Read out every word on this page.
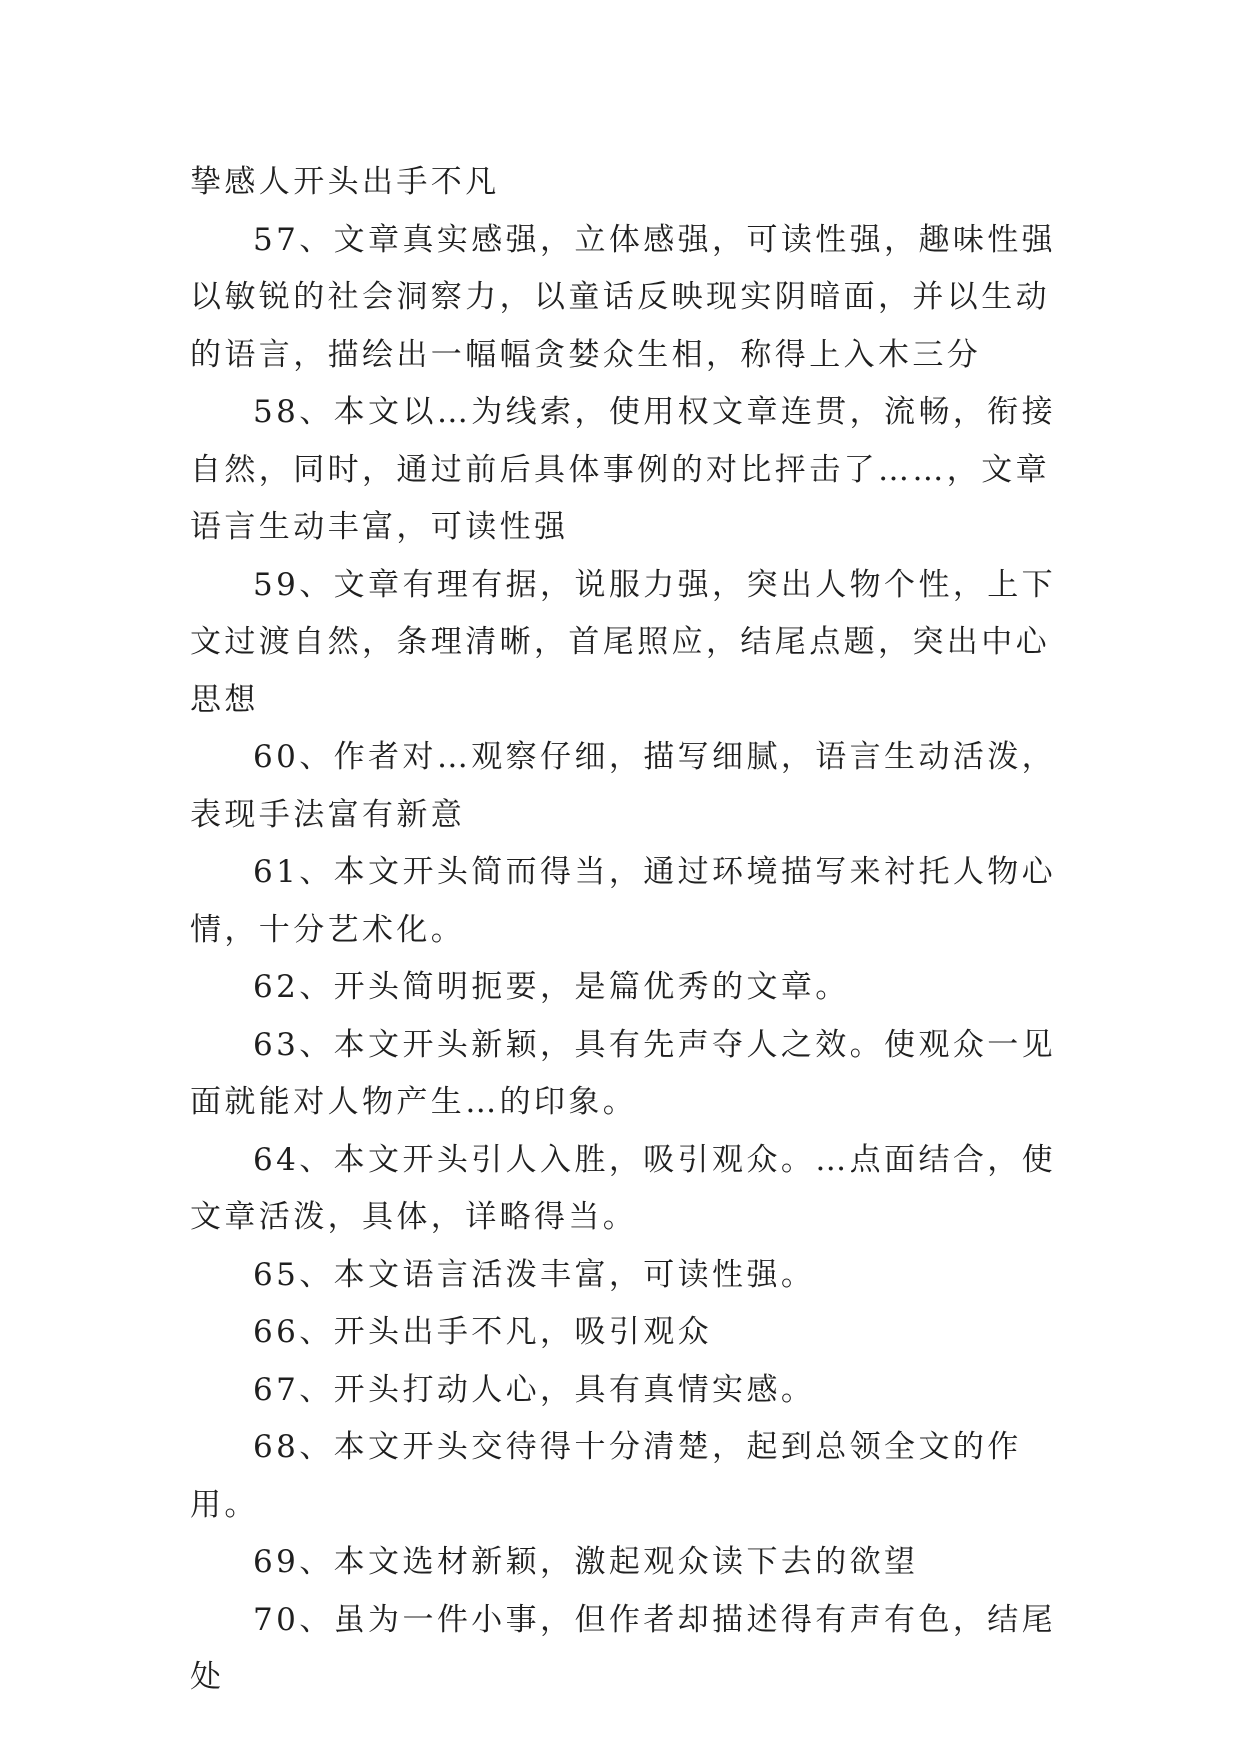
挚感人开头出手不凡

57、文章真实感强，立体感强，可读性强，趣味性强以敏锐的社会洞察力，以童话反映现实阴暗面，并以生动的语言，描绘出一幅幅贪婪众生相，称得上入木三分

58、本文以…为线索，使用权文章连贯，流畅，衔接自然，同时，通过前后具体事例的对比抨击了……，文章语言生动丰富，可读性强

59、文章有理有据，说服力强，突出人物个性，上下文过渡自然，条理清晰，首尾照应，结尾点题，突出中心思想

60、作者对…观察仔细，描写细腻，语言生动活泼，表现手法富有新意

61、本文开头简而得当，通过环境描写来衬托人物心情，十分艺术化。

62、开头简明扼要，是篇优秀的文章。

63、本文开头新颖，具有先声夺人之效。使观众一见面就能对人物产生…的印象。

64、本文开头引人入胜，吸引观众。…点面结合，使文章活泼，具体，详略得当。

65、本文语言活泼丰富，可读性强。

66、开头出手不凡，吸引观众

67、开头打动人心，具有真情实感。

68、本文开头交待得十分清楚，起到总领全文的作用。

69、本文选材新颖，激起观众读下去的欲望

70、虽为一件小事，但作者却描述得有声有色，结尾处
